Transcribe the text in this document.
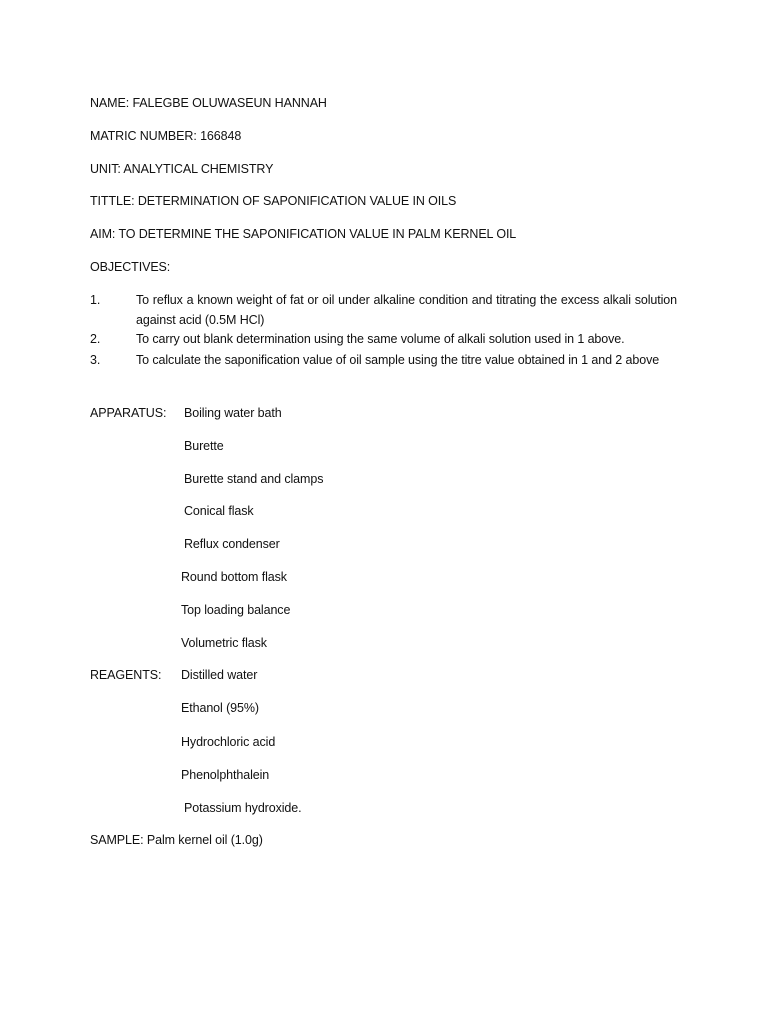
NAME: FALEGBE OLUWASEUN HANNAH
MATRIC NUMBER: 166848
UNIT: ANALYTICAL CHEMISTRY
TITTLE: DETERMINATION OF SAPONIFICATION VALUE IN OILS
AIM: TO DETERMINE THE SAPONIFICATION VALUE IN PALM KERNEL OIL
OBJECTIVES:
1.	To reflux a known weight of fat or oil under alkaline condition and titrating the excess alkali solution against acid (0.5M HCl)
2.	To carry out blank determination using the same volume of alkali solution used in 1 above.
3.	To calculate the saponification value of oil sample using the titre value obtained in 1 and 2 above
APPARATUS: Boiling water bath
Burette
Burette stand and clamps
Conical flask
Reflux condenser
Round bottom flask
Top loading balance
Volumetric flask
REAGENTS: Distilled water
Ethanol (95%)
Hydrochloric acid
Phenolphthalein
Potassium hydroxide.
SAMPLE: Palm kernel oil (1.0g)
